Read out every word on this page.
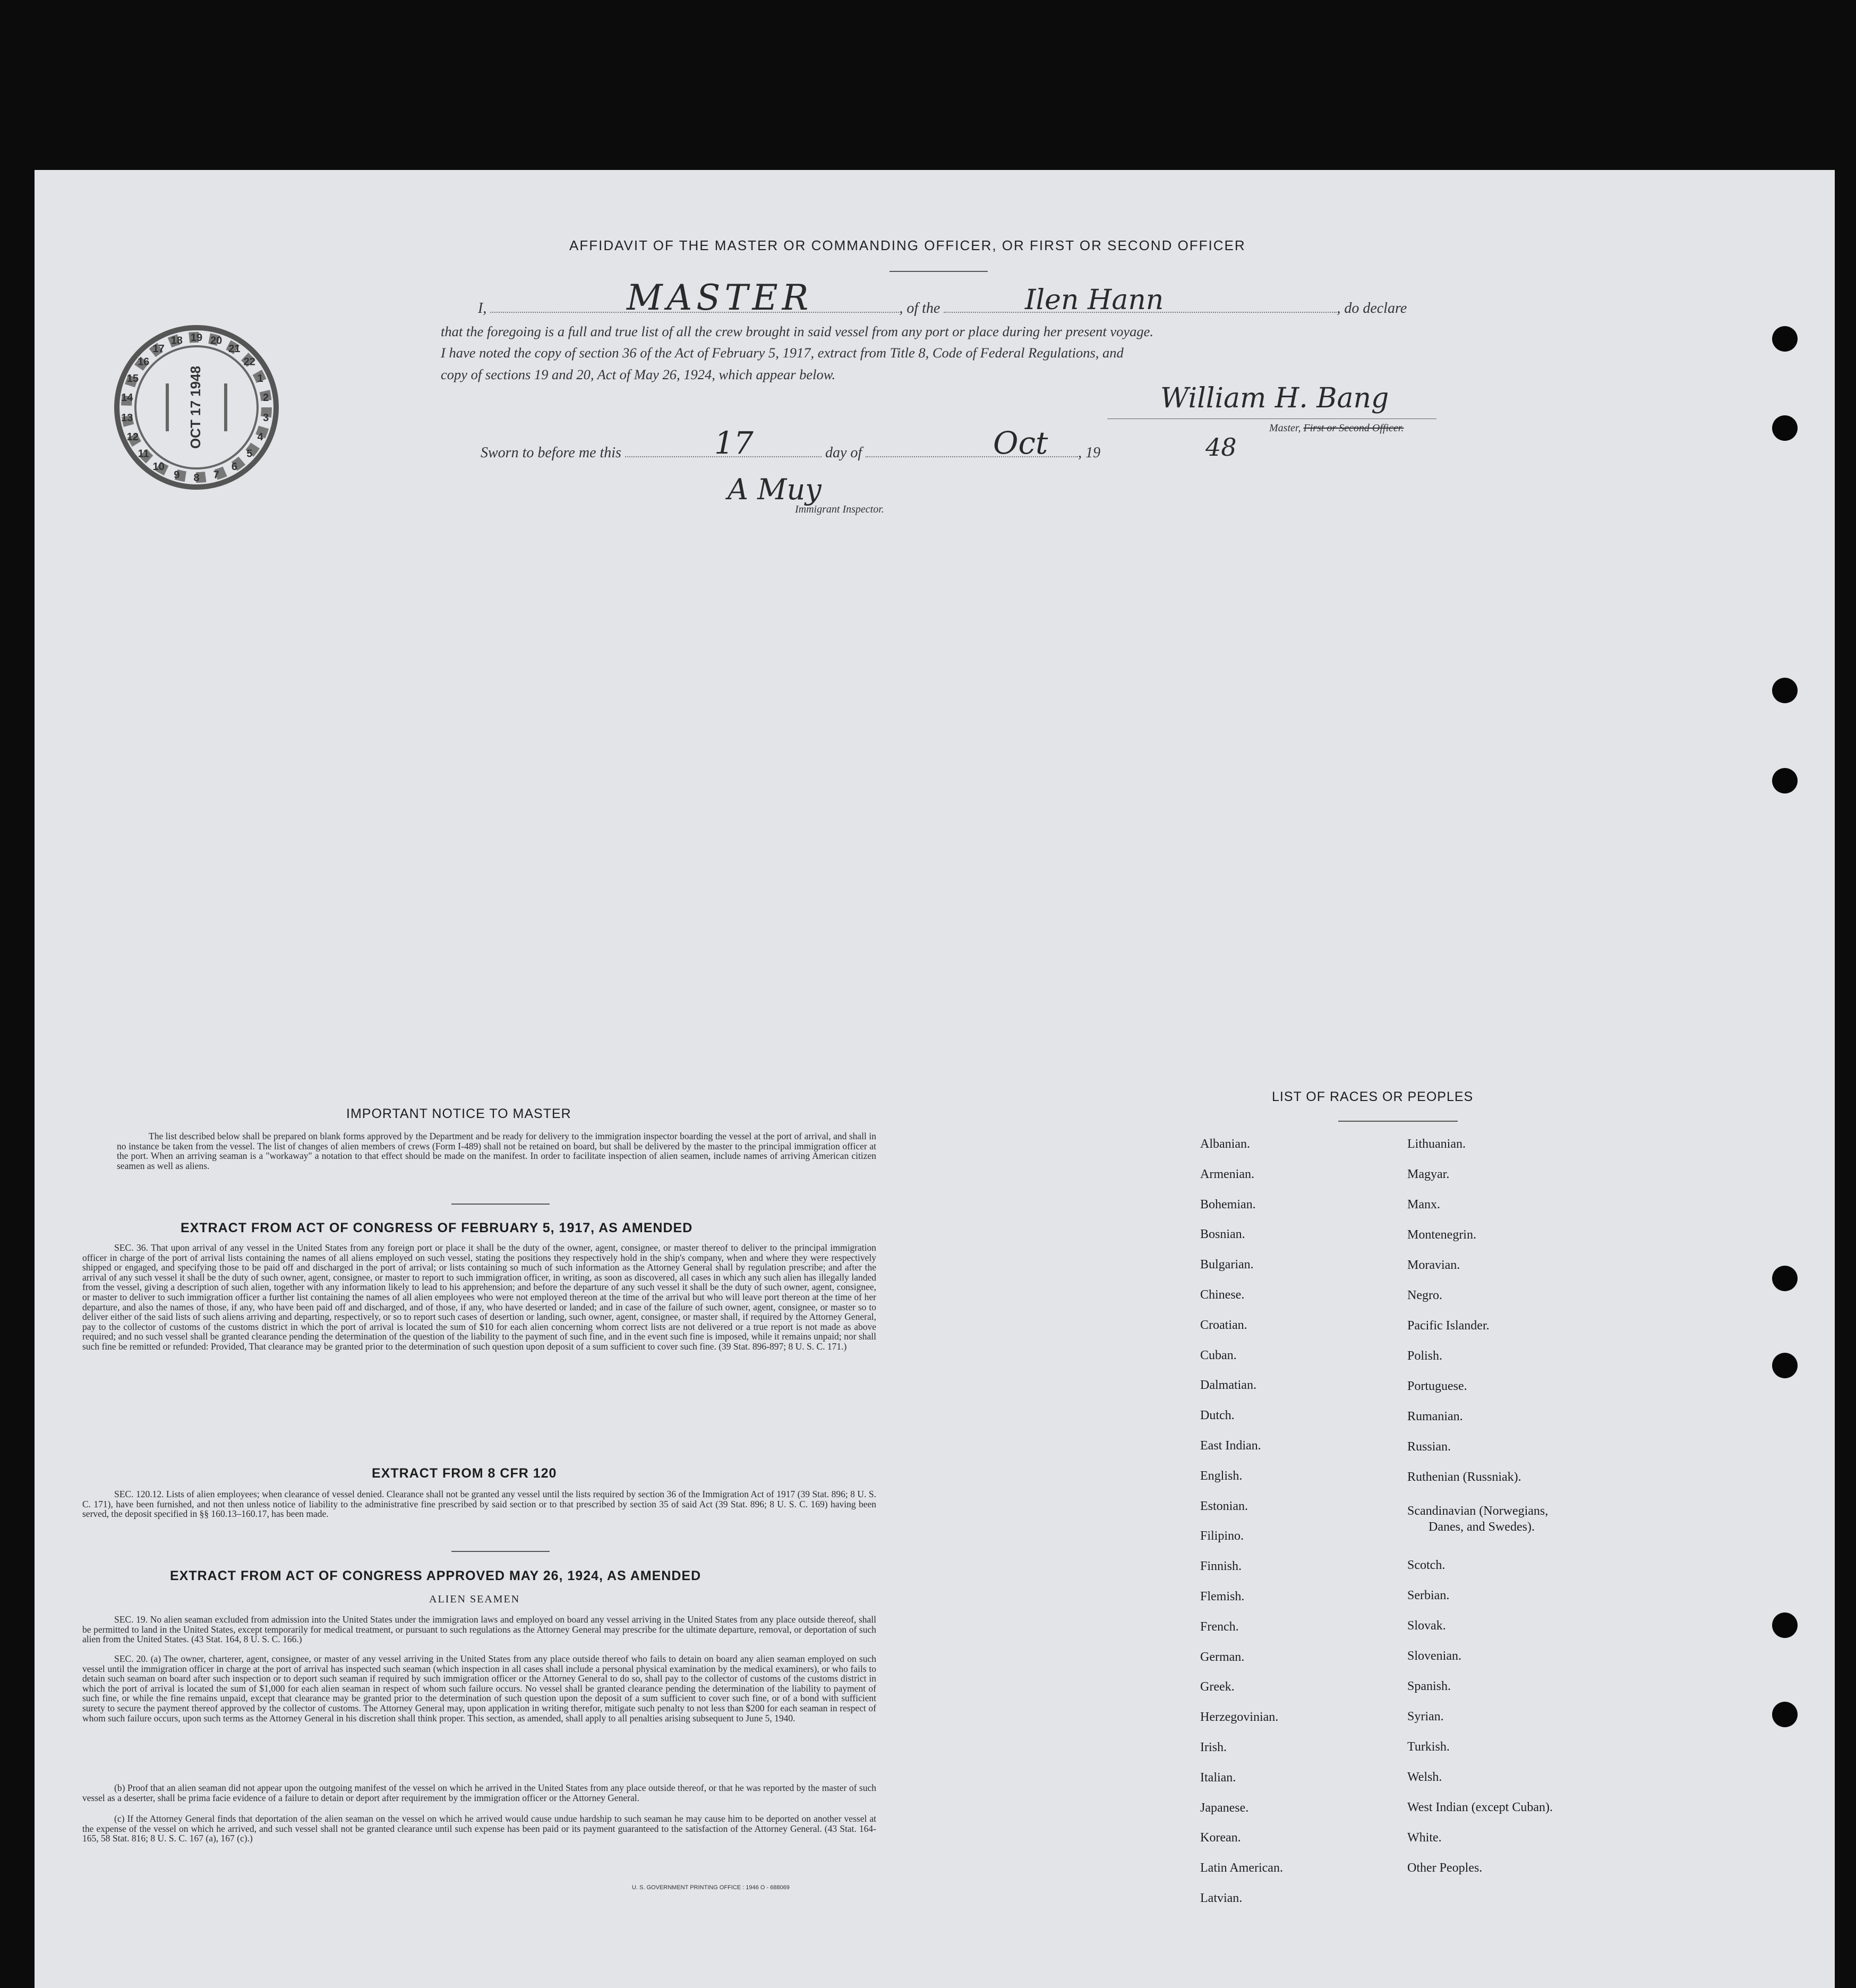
19 20
21
22
1
2
3
4
5
6
7
8
9
10
11
12
13
14
15
16
17
18
OCT 17 1948
AFFIDAVIT OF THE MASTER OR COMMANDING OFFICER, OR FIRST OR SECOND OFFICER
I,	, of the	, do declare
MASTER	Ilen Hann
that the foregoing is a full and true list of all the crew brought in said vessel from any port or place during her present voyage.
I have noted the copy of section 36 of the Act of February 5, 1917, extract from Title 8, Code of Federal Regulations, and
copy of sections 19 and 20, Act of May 26, 1924, which appear below.
William H. Bang
Master, First or Second Officer.
Sworn to before me this	day of	, 19
17	Oct	48
A Muy
Immigrant Inspector.
IMPORTANT NOTICE TO MASTER
The list described below shall be prepared on blank forms approved by the Department and be ready for delivery to the immigration inspector boarding the vessel at the port of arrival, and shall in no instance be taken from the vessel. The list of changes of alien members of crews (Form I-489) shall not be retained on board, but shall be delivered by the master to the principal immigration officer at the port. When an arriving seaman is a "workaway" a notation to that effect should be made on the manifest. In order to facilitate inspection of alien seamen, include names of arriving American citizen seamen as well as aliens.
EXTRACT FROM ACT OF CONGRESS OF FEBRUARY 5, 1917, AS AMENDED
SEC. 36. That upon arrival of any vessel in the United States from any foreign port or place it shall be the duty of the owner, agent, consignee, or master thereof to deliver to the principal immigration officer in charge of the port of arrival lists containing the names of all aliens employed on such vessel, stating the positions they respectively hold in the ship's company, when and where they were respectively shipped or engaged, and specifying those to be paid off and discharged in the port of arrival; or lists containing so much of such information as the Attorney General shall by regulation prescribe; and after the arrival of any such vessel it shall be the duty of such owner, agent, consignee, or master to report to such immigration officer, in writing, as soon as discovered, all cases in which any such alien has illegally landed from the vessel, giving a description of such alien, together with any information likely to lead to his apprehension; and before the departure of any such vessel it shall be the duty of such owner, agent, consignee, or master to deliver to such immigration officer a further list containing the names of all alien employees who were not employed thereon at the time of the arrival but who will leave port thereon at the time of her departure, and also the names of those, if any, who have been paid off and discharged, and of those, if any, who have deserted or landed; and in case of the failure of such owner, agent, consignee, or master so to deliver either of the said lists of such aliens arriving and departing, respectively, or so to report such cases of desertion or landing, such owner, agent, consignee, or master shall, if required by the Attorney General, pay to the collector of customs of the customs district in which the port of arrival is located the sum of $10 for each alien concerning whom correct lists are not delivered or a true report is not made as above required; and no such vessel shall be granted clearance pending the determination of the question of the liability to the payment of such fine, and in the event such fine is imposed, while it remains unpaid; nor shall such fine be remitted or refunded: Provided, That clearance may be granted prior to the determination of such question upon deposit of a sum sufficient to cover such fine. (39 Stat. 896-897; 8 U. S. C. 171.)
EXTRACT FROM 8 CFR 120
SEC. 120.12. Lists of alien employees; when clearance of vessel denied. Clearance shall not be granted any vessel until the lists required by section 36 of the Immigration Act of 1917 (39 Stat. 896; 8 U. S. C. 171), have been furnished, and not then unless notice of liability to the administrative fine prescribed by said section or to that prescribed by section 35 of said Act (39 Stat. 896; 8 U. S. C. 169) having been served, the deposit specified in §§ 160.13–160.17, has been made.
EXTRACT FROM ACT OF CONGRESS APPROVED MAY 26, 1924, AS AMENDED
ALIEN SEAMEN
SEC. 19. No alien seaman excluded from admission into the United States under the immigration laws and employed on board any vessel arriving in the United States from any place outside thereof, shall be permitted to land in the United States, except temporarily for medical treatment, or pursuant to such regulations as the Attorney General may prescribe for the ultimate departure, removal, or deportation of such alien from the United States. (43 Stat. 164, 8 U. S. C. 166.)
SEC. 20. (a) The owner, charterer, agent, consignee, or master of any vessel arriving in the United States from any place outside thereof who fails to detain on board any alien seaman employed on such vessel until the immigration officer in charge at the port of arrival has inspected such seaman (which inspection in all cases shall include a personal physical examination by the medical examiners), or who fails to detain such seaman on board after such inspection or to deport such seaman if required by such immigration officer or the Attorney General to do so, shall pay to the collector of customs of the customs district in which the port of arrival is located the sum of $1,000 for each alien seaman in respect of whom such failure occurs. No vessel shall be granted clearance pending the determination of the liability to payment of such fine, or while the fine remains unpaid, except that clearance may be granted prior to the determination of such question upon the deposit of a sum sufficient to cover such fine, or of a bond with sufficient surety to secure the payment thereof approved by the collector of customs. The Attorney General may, upon application in writing therefor, mitigate such penalty to not less than $200 for each seaman in respect of whom such failure occurs, upon such terms as the Attorney General in his discretion shall think proper. This section, as amended, shall apply to all penalties arising subsequent to June 5, 1940.
(b) Proof that an alien seaman did not appear upon the outgoing manifest of the vessel on which he arrived in the United States from any place outside thereof, or that he was reported by the master of such vessel as a deserter, shall be prima facie evidence of a failure to detain or deport after requirement by the immigration officer or the Attorney General.
(c) If the Attorney General finds that deportation of the alien seaman on the vessel on which he arrived would cause undue hardship to such seaman he may cause him to be deported on another vessel at the expense of the vessel on which he arrived, and such vessel shall not be granted clearance until such expense has been paid or its payment guaranteed to the satisfaction of the Attorney General. (43 Stat. 164-165, 58 Stat. 816; 8 U. S. C. 167 (a), 167 (c).)
U. S. GOVERNMENT PRINTING OFFICE : 1946 O - 688069
LIST OF RACES OR PEOPLES
Albanian.
Armenian.
Bohemian.
Bosnian.
Bulgarian.
Chinese.
Croatian.
Cuban.
Dalmatian.
Dutch.
East Indian.
English.
Estonian.
Filipino.
Finnish.
Flemish.
French.
German.
Greek.
Herzegovinian.
Irish.
Italian.
Japanese.
Korean.
Latin American.
Latvian.
Lithuanian.
Magyar.
Manx.
Montenegrin.
Moravian.
Negro.
Pacific Islander.
Polish.
Portuguese.
Rumanian.
Russian.
Ruthenian (Russniak).
Scandinavian (Norwegians,
Danes, and Swedes).
Scotch.
Serbian.
Slovak.
Slovenian.
Spanish.
Syrian.
Turkish.
Welsh.
West Indian (except Cuban).
White.
Other Peoples.
